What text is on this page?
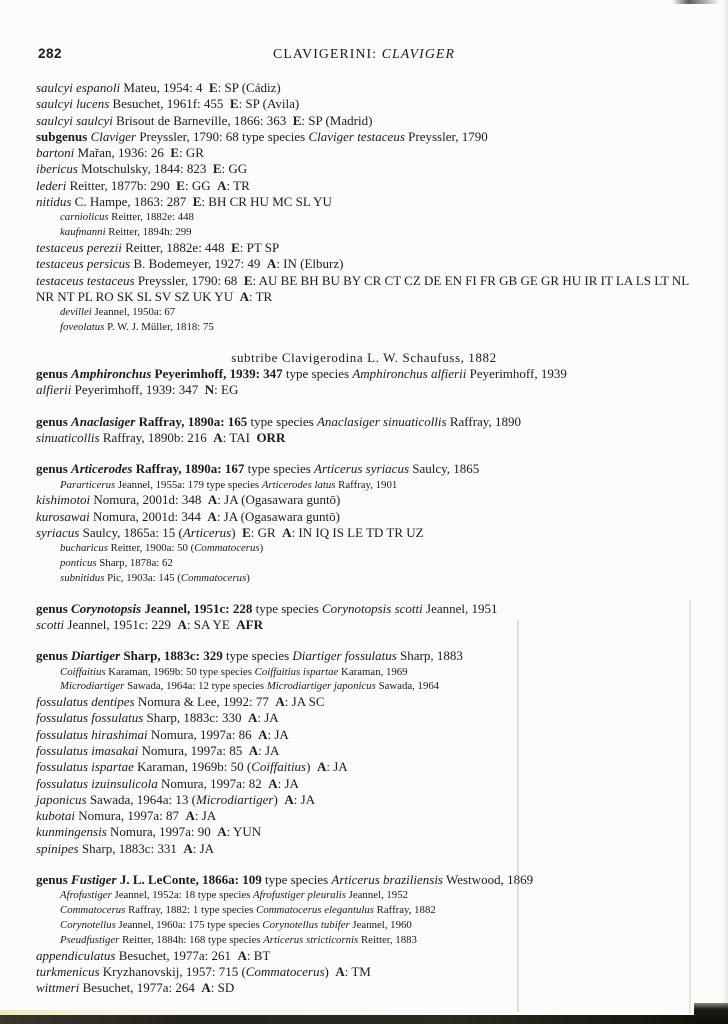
282	CLAVIGERINI: CLAVIGER
saulcyi espanoli Mateu, 1954: 4  E: SP (Cádiz)
saulcyi lucens Besuchet, 1961f: 455  E: SP (Avila)
saulcyi saulcyi Brisout de Barneville, 1866: 363  E: SP (Madrid)
subgenus Claviger Preyssler, 1790: 68 type species Claviger testaceus Preyssler, 1790
bartoni Mařan, 1936: 26  E: GR
ibericus Motschulsky, 1844: 823  E: GG
lederi Reitter, 1877b: 290  E: GG  A: TR
nitidus C. Hampe, 1863: 287  E: BH CR HU MC SL YU
carniolicus Reitter, 1882e: 448
kaufmanni Reitter, 1894h: 299
testaceus perezii Reitter, 1882e: 448  E: PT SP
testaceus persicus B. Bodemeyer, 1927: 49  A: IN (Elburz)
testaceus testaceus Preyssler, 1790: 68  E: AU BE BH BU BY CR CT CZ DE EN FI FR GB GE GR HU IR IT LA LS LT NL NR NT PL RO SK SL SV SZ UK YU  A: TR
devillei Jeannel, 1950a: 67
foveolatus P. W. J. Müller, 1818: 75
subtribe Clavigerodina L. W. Schaufuss, 1882
genus Amphironchus Peyerimhoff, 1939: 347 type species Amphironchus alfierii Peyerimhoff, 1939
alfierii Peyerimhoff, 1939: 347  N: EG
genus Anaclasiger Raffray, 1890a: 165 type species Anaclasiger sinuaticollis Raffray, 1890
sinuaticollis Raffray, 1890b: 216  A: TAI  ORR
genus Articerodes Raffray, 1890a: 167 type species Articerus syriacus Saulcy, 1865
Pararticerus Jeannel, 1955a: 179 type species Articerodes latus Raffray, 1901
kishimotoi Nomura, 2001d: 348  A: JA (Ogasawara guntō)
kurosawai Nomura, 2001d: 344  A: JA (Ogasawara guntō)
syriacus Saulcy, 1865a: 15 (Articerus)  E: GR  A: IN IQ IS LE TD TR UZ
bucharicus Reitter, 1900a: 50 (Commatocerus)
ponticus Sharp, 1878a: 62
subnitidus Pic, 1903a: 145 (Commatocerus)
genus Corynotopsis Jeannel, 1951c: 228 type species Corynotopsis scotti Jeannel, 1951
scotti Jeannel, 1951c: 229  A: SA YE  AFR
genus Diartiger Sharp, 1883c: 329 type species Diartiger fossulatus Sharp, 1883
Coiffaitius Karaman, 1969b: 50 type species Coiffaitius ispartae Karaman, 1969
Microdiartiger Sawada, 1964a: 12 type species Microdiartiger japonicus Sawada, 1964
fossulatus dentipes Nomura & Lee, 1992: 77  A: JA SC
fossulatus fossulatus Sharp, 1883c: 330  A: JA
fossulatus hirashimai Nomura, 1997a: 86  A: JA
fossulatus imasakai Nomura, 1997a: 85  A: JA
fossulatus ispartae Karaman, 1969b: 50 (Coiffaitius)  A: JA
fossulatus izuinsulicola Nomura, 1997a: 82  A: JA
japonicus Sawada, 1964a: 13 (Microdiartiger)  A: JA
kubotai Nomura, 1997a: 87  A: JA
kunmingensis Nomura, 1997a: 90  A: YUN
spinipes Sharp, 1883c: 331  A: JA
genus Fustiger J. L. LeConte, 1866a: 109 type species Articerus braziliensis Westwood, 1869
Afrofustiger Jeannel, 1952a: 18 type species Afrofustiger pleuralis Jeannel, 1952
Commatocerus Raffray, 1882: 1 type species Commatocerus elegantulus Raffray, 1882
Corynotellus Jeannel, 1960a: 175 type species Corynotellus tubifer Jeannel, 1960
Pseudfustiger Reitter, 1884h: 168 type species Articerus stricticornis Reitter, 1883
appendiculatus Besuchet, 1977a: 261  A: BT
turkmenicus Kryzhanovskij, 1957: 715 (Commatocerus)  A: TM
wittmeri Besuchet, 1977a: 264  A: SD
